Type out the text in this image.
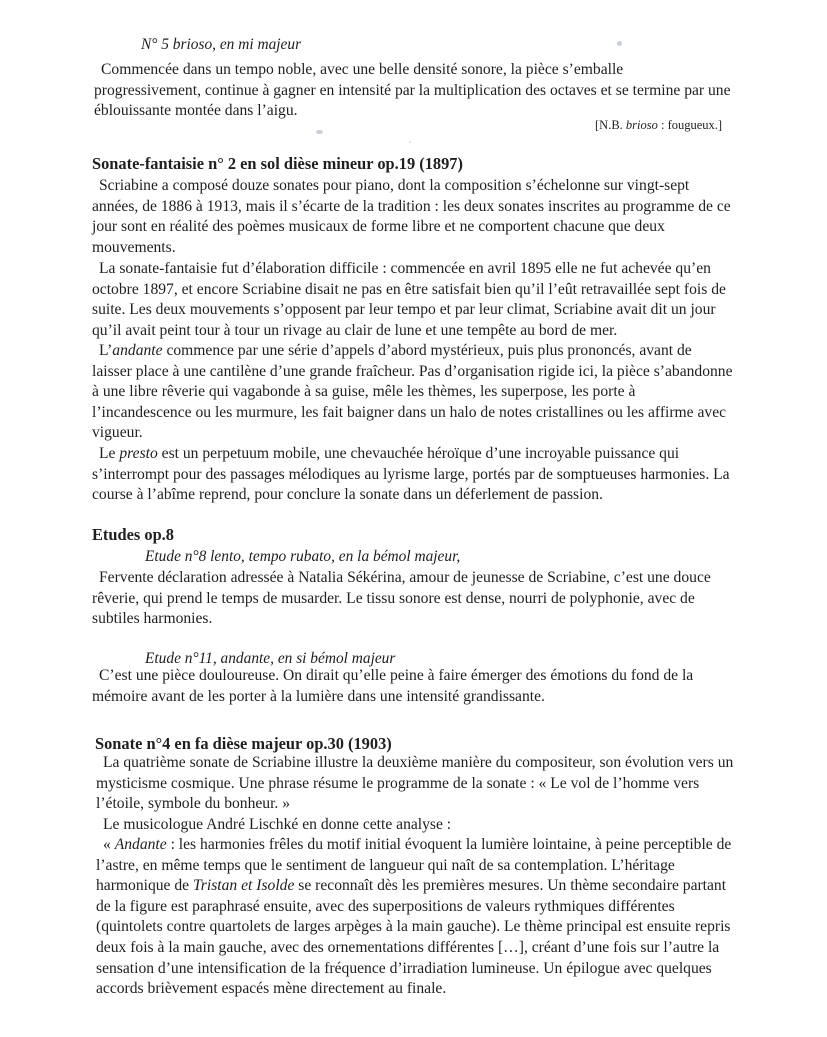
N° 5 brioso, en mi majeur

Commencée dans un tempo noble, avec une belle densité sonore, la pièce s’emballe
progressivement, continue à gagner en intensité par la multiplication des octaves et se termine par une
éblouissante montée dans l’aigu.

[N.B. brioso : fougueux.]

Sonate-fantaisie n° 2 en sol dièse mineur op.19 (1897)
Scriabine a composé douze sonates pour piano, dont la composition s’échelonne sur vingt-sept
années, de 1886 à 1913, mais il s’écarte de la tradition : les deux sonates inscrites au programme de ce
jour sont en réalité des poèmes musicaux de forme libre et ne comportent chacune que deux
mouvements.
La sonate-fantaisie fut d’élaboration difficile : commencée en avril 1895 elle ne fut achevée qu’en
octobre 1897, et encore Scriabine disait ne pas en être satisfait bien qu’il l’eût retravaillée sept fois de
suite. Les deux mouvements s’opposent par leur tempo et par leur climat, Scriabine avait dit un jour
qu’il avait peint tour à tour un rivage au clair de lune et une tempête au bord de mer.
L’andante commence par une série d’appels d’abord mystérieux, puis plus prononcés, avant de
laisser place à une cantilène d’une grande fraîcheur. Pas d’organisation rigide ici, la pièce s’abandonne
à une libre rêverie qui vagabonde à sa guise, mêle les thèmes, les superpose, les porte à
l’incandescence ou les murmure, les fait baigner dans un halo de notes cristallines ou les affirme avec
vigueur.
Le presto est un perpetuum mobile, une chevauchée héroïque d’une incroyable puissance qui
s’interrompt pour des passages mélodiques au lyrisme large, portés par de somptueuses harmonies. La
course à l’abîme reprend, pour conclure la sonate dans un déferlement de passion.
Etudes op.8

Etude n°8 lento, tempo rubato, en la bémol majeur,

Fervente déclaration adressée à Natalia Sékérina, amour de jeunesse de Scriabine, c’est une douce
rêverie, qui prend le temps de musarder. Le tissu sonore est dense, nourri de polyphonie, avec de
subtiles harmonies.

Etude n°11, andante, en si bémol majeur

C’est une pièce douloureuse. On dirait qu’elle peine à faire émerger des émotions du fond de la
mémoire avant de les porter à la lumière dans une intensité grandissante.
Sonate n°4 en fa dièse majeur op.30 (1903)
La quatrième sonate de Scriabine illustre la deuxième manière du compositeur, son évolution vers un
mysticisme cosmique. Une phrase résume le programme de la sonate : « Le vol de l’homme vers
l’étoile, symbole du bonheur. »
Le musicologue André Lischké en donne cette analyse :
« Andante : les harmonies frêles du motif initial évoquent la lumière lointaine, à peine perceptible de
l’astre, en même temps que le sentiment de langueur qui naît de sa contemplation. L’héritage
harmonique de Tristan et Isolde se reconnaît dès les premières mesures. Un thème secondaire partant
de la figure est paraphrasé ensuite, avec des superpositions de valeurs rythmiques différentes
(quintolets contre quartolets de larges arpèges à la main gauche). Le thème principal est ensuite repris
deux fois à la main gauche, avec des ornementations différentes […], créant d’une fois sur l’autre la
sensation d’une intensification de la fréquence d’irradiation lumineuse. Un épilogue avec quelques
accords brièvement espacés mène directement au finale.
